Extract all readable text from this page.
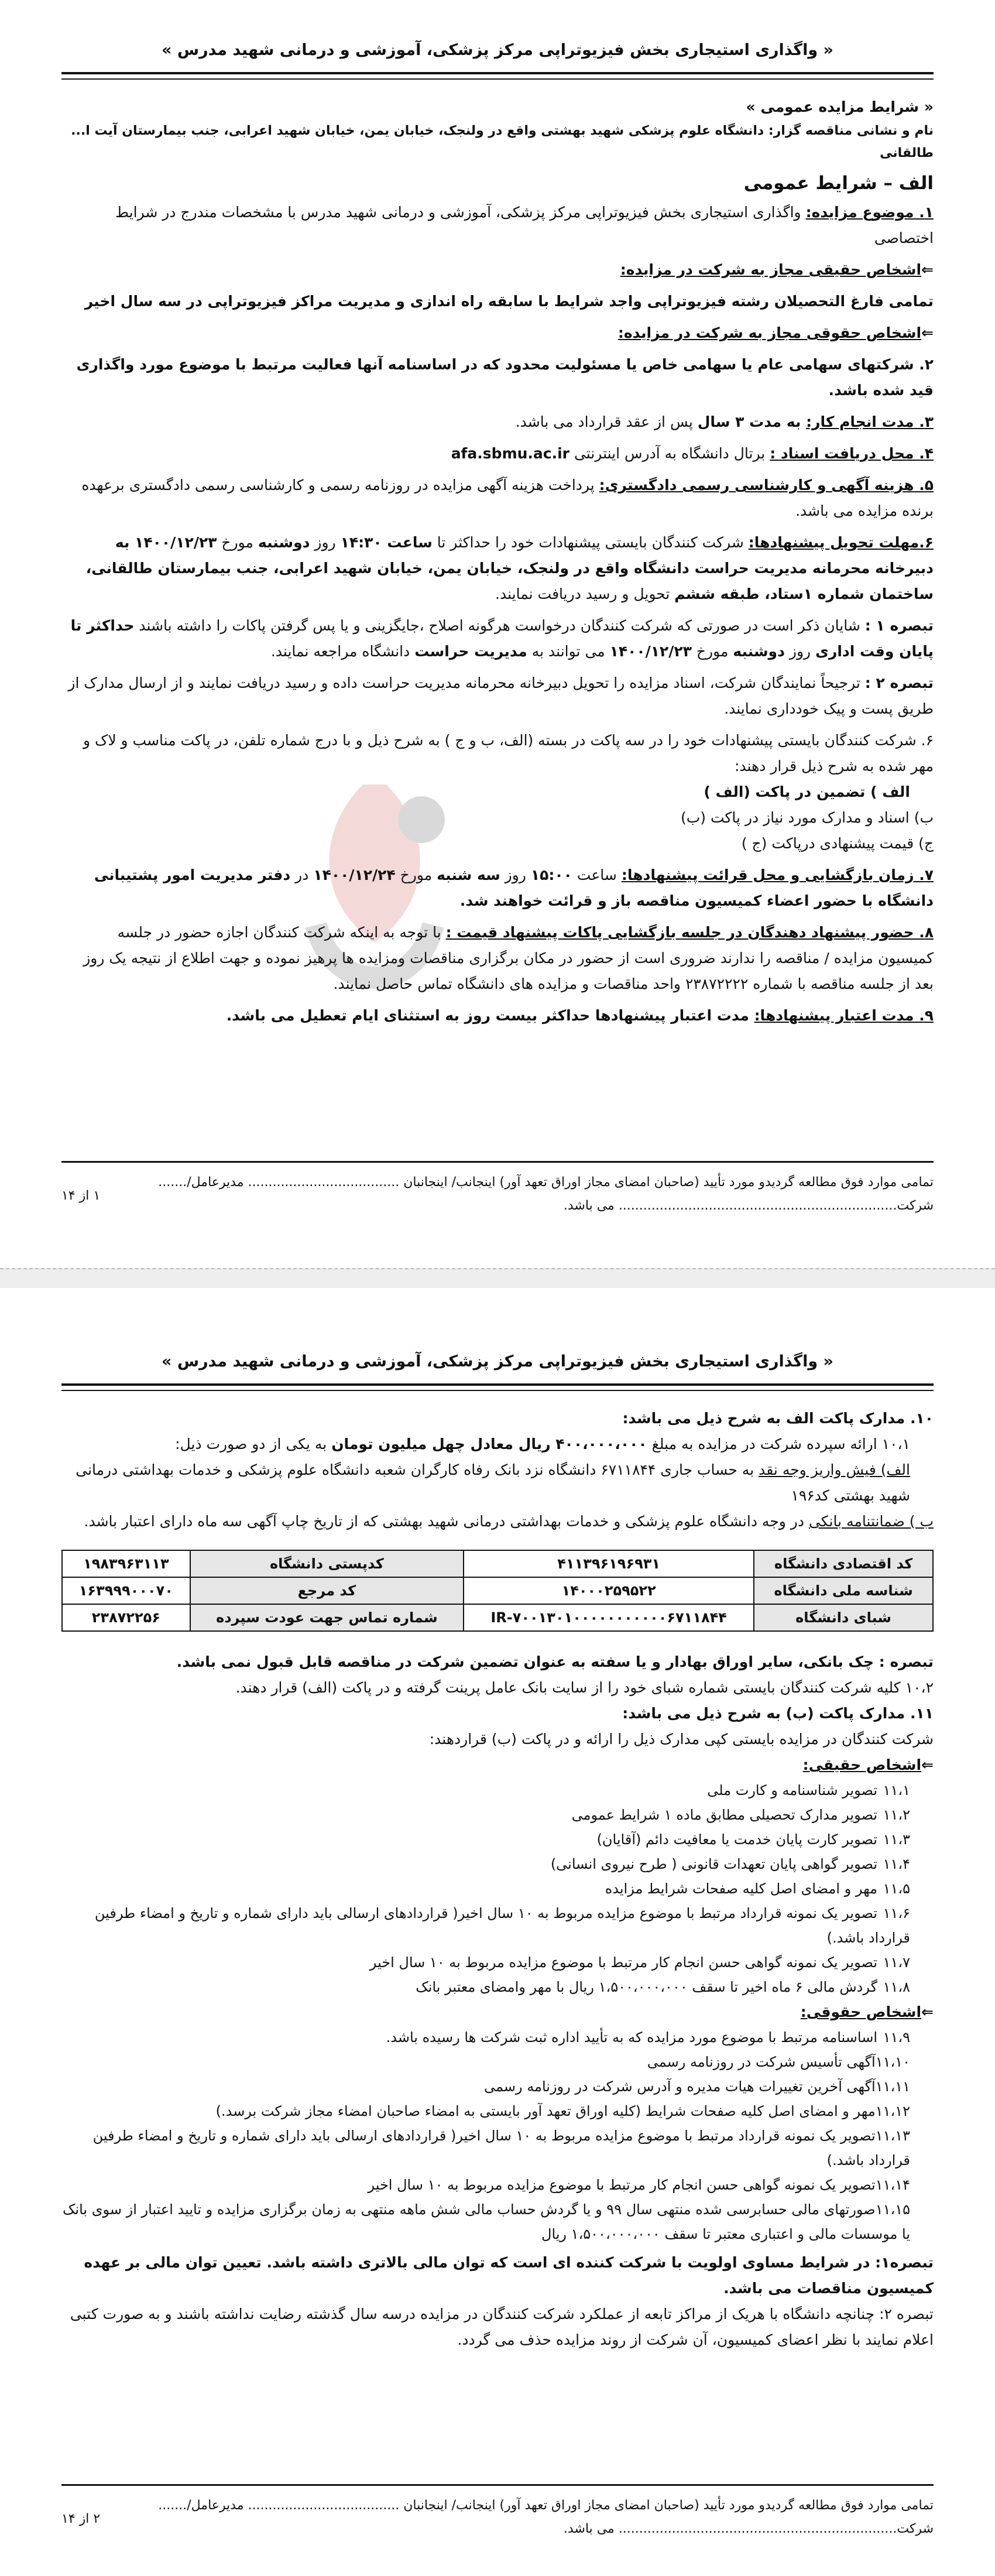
« واگذاری استیجاری بخش فیزیوتراپی مرکز پزشکی، آموزشی و درمانی شهید مدرس »
« شرایط مزایده عمومی »
نام و نشانی مناقصه گزار: دانشگاه علوم پزشکی شهید بهشتی واقع در ولنجک، خیابان یمن، خیابان شهید اعرابی، جنب بیمارستان آیت ا... طالقانی
الف – شرایط عمومی
۱. موضوع مزایده: واگذاری استیجاری بخش فیزیوتراپی مرکز پزشکی، آموزشی و درمانی شهید مدرس با مشخصات مندرج در شرایط اختصاصی
⇐اشخاص حقیقی مجاز به شرکت در مزایده:
تمامی فارغ التحصیلان رشته فیزیوتراپی واجد شرایط با سابقه راه اندازی و مدیریت مراکز فیزیوتراپی در سه سال اخیر
⇐اشخاص حقوقی مجاز به شرکت در مزایده:
۲. شرکتهای سهامی عام یا سهامی خاص یا مسئولیت محدود که در اساسنامه آنها فعالیت مرتبط با موضوع مورد واگذاری قید شده باشد.
۳. مدت انجام کار: به مدت ۳ سال پس از عقد قرارداد می باشد.
۴. محل دریافت اسناد : برتال دانشگاه به آدرس اینترنتی afa.sbmu.ac.ir
۵. هزینه آگهی و کارشناسی رسمی دادگستری: پرداخت هزینه آگهی مزایده در روزنامه رسمی و کارشناسی رسمی دادگستری برعهده برنده مزایده می باشد.
۶.مهلت تحویل پیشنهادها: شرکت کنندگان بایستی پیشنهادات خود را حداکثر تا ساعت ۱۴:۳۰ روز دوشنبه مورخ ۱۴۰۰/۱۲/۲۳ به دبیرخانه محرمانه مدیریت حراست دانشگاه واقع در ولنجک، خیابان یمن، خیابان شهید اعرابی، جنب بیمارستان طالقانی، ساختمان شماره ۱ستاد، طبقه ششم تحویل و رسید دریافت نمایند.
تبصره ۱ : شایان ذکر است در صورتی که شرکت کنندگان درخواست هرگونه اصلاح ،جایگزینی و یا پس گرفتن پاکات را داشته باشند حداکثر تا پایان وقت اداری روز دوشنبه مورخ ۱۴۰۰/۱۲/۲۳ می توانند به مدیریت حراست دانشگاه مراجعه نمایند.
تبصره ۲ : ترجیحاً نمایندگان شرکت، اسناد مزایده را تحویل دبیرخانه محرمانه مدیریت حراست داده و رسید دریافت نمایند و از ارسال مدارک از طریق پست و پیک خودداری نمایند.
۶. شرکت کنندگان بایستی پیشنهادات خود را در سه پاکت در بسته (الف، ب و ج ) به شرح ذیل و با درج شماره تلفن، در پاکت مناسب و لاک و مهر شده به شرح ذیل قرار دهند:
الف ) تضمین در پاکت (الف )
ب) اسناد و مدارک مورد نیاز در پاکت (ب)
ج) قیمت پیشنهادی درپاکت (ج )
۷. زمان بازگشایی و محل قرائت پیشنهادها: ساعت ۱۵:۰۰ روز سه شنبه مورخ ۱۴۰۰/۱۲/۲۴ در دفتر مدیریت امور پشتیبانی دانشگاه با حضور اعضاء کمیسیون مناقصه باز و قرائت خواهند شد.
۸. حضور پیشنهاد دهندگان در جلسه بازگشایی پاکات پیشنهاد قیمت : با توجه به اینکه شرکت کنندگان اجازه حضور در جلسه کمیسیون مزایده / مناقصه را ندارند ضروری است از حضور در مکان برگزاری مناقصات ومزایده ها پرهیز نموده و جهت اطلاع از نتیجه یک روز بعد از جلسه مناقصه با شماره ۲۳۸۷۲۲۲۲ واحد مناقصات و مزایده های دانشگاه تماس حاصل نمایند.
۹. مدت اعتبار پیشنهادها: مدت اعتبار پیشنهادها حداکثر بیست روز به استثنای ایام تعطیل می باشد.
تمامی موارد فوق مطالعه گردیدو مورد تأیید (صاحبان امضای مجاز اوراق تعهد آور) اینجانب/ اینجانبان ..................................... مدیرعامل/.......
شرکت.................................................................... می باشد.
۱ از ۱۴
« واگذاری استیجاری بخش فیزیوتراپی مرکز پزشکی، آموزشی و درمانی شهید مدرس »
۱۰. مدارک پاکت الف به شرح ذیل می باشد:
۱۰،۱ ارائه سپرده شرکت در مزایده به مبلغ ۴۰۰،۰۰۰،۰۰۰ ریال معادل چهل میلیون تومان به یکی از دو صورت ذیل:
الف) فیش واریز وجه نقد به حساب جاری ۶۷۱۱۸۴۴ دانشگاه نزد بانک رفاه کارگران شعبه دانشگاه علوم پزشکی و خدمات بهداشتی درمانی شهید بهشتی کد۱۹۶
ب ) ضمانتنامه بانکی در وجه دانشگاه علوم پزشکی و خدمات بهداشتی درمانی شهید بهشتی که از تاریخ چاپ آگهی سه ماه دارای اعتبار باشد.
کد اقتصادی دانشگاه	۴۱۱۳۹۶۱۹۶۹۳۱	کدپستی دانشگاه	۱۹۸۳۹۶۳۱۱۳
شناسه ملی دانشگاه	۱۴۰۰۰۲۵۹۵۲۲	کد مرجع	۱۶۳۹۹۹۰۰۰۷۰
شبای دانشگاه	IR-۷۰۰۱۳۰۱۰۰۰۰۰۰۰۰۰۰۰۶۷۱۱۸۴۴	شماره تماس جهت عودت سپرده	۲۳۸۷۲۲۵۶
تبصره : چک بانکی، سایر اوراق بهادار و یا سفته به عنوان تضمین شرکت در مناقصه قابل قبول نمی باشد.
۱۰،۲ کلیه شرکت کنندگان بایستی شماره شبای خود را از سایت بانک عامل پرینت گرفته و در پاکت (الف) قرار دهند.
۱۱. مدارک پاکت (ب) به شرح ذیل می باشد:
شرکت کنندگان در مزایده بایستی کپی مدارک ذیل را ارائه و در پاکت (ب) قراردهند:
⇐اشخاص حقیقی:
۱۱،۱تصویر شناسنامه و کارت ملی
۱۱،۲تصویر مدارک تحصیلی مطابق ماده ۱ شرایط عمومی
۱۱،۳تصویر کارت پایان خدمت یا معافیت دائم (آقایان)
۱۱،۴تصویر گواهی پایان تعهدات قانونی ( طرح نیروی انسانی)
۱۱،۵مهر و امضای اصل کلیه صفحات شرایط مزایده
۱۱،۶تصویر یک نمونه قرارداد مرتبط با موضوع مزایده مربوط به ۱۰ سال اخیر( قراردادهای ارسالی باید دارای شماره و تاریخ و امضاء طرفین قرارداد باشد.)
۱۱،۷تصویر یک نمونه گواهی حسن انجام کار مرتبط با موضوع مزایده مربوط به ۱۰ سال اخیر
۱۱،۸گردش مالی ۶ ماه اخیر تا سقف ۱،۵۰۰،۰۰۰،۰۰۰ ریال با مهر وامضای معتبر بانک
⇐اشخاص حقوقی:
۱۱،۹اساسنامه مرتبط با موضوع مورد مزایده که به تأیید اداره ثبت شرکت ها رسیده باشد.
۱۱،۱۰آگهی تأسیس شرکت در روزنامه رسمی
۱۱،۱۱آگهی آخرین تغییرات هیات مدیره و آدرس شرکت در روزنامه رسمی
۱۱،۱۲مهر و امضای اصل کلیه صفحات شرایط (کلیه اوراق تعهد آور بایستی به امضاء صاحبان امضاء مجاز شرکت برسد.)
۱۱،۱۳تصویر یک نمونه قرارداد مرتبط با موضوع مزایده مربوط به ۱۰ سال اخیر( قراردادهای ارسالی باید دارای شماره و تاریخ و امضاء طرفین قرارداد باشد.)
۱۱،۱۴تصویر یک نمونه گواهی حسن انجام کار مرتبط با موضوع مزایده مربوط به ۱۰ سال اخیر
۱۱،۱۵صورتهای مالی حسابرسی شده منتهی سال ۹۹ و یا گردش حساب مالی شش ماهه منتهی به زمان برگزاری مزایده و تایید اعتبار از سوی بانک یا موسسات مالی و اعتباری معتبر تا سقف ۱،۵۰۰،۰۰۰،۰۰۰ ریال
تبصره۱: در شرایط مساوی اولویت با شرکت کننده ای است که توان مالی بالاتری داشته باشد. تعیین توان مالی بر عهده کمیسیون مناقصات می باشد.
تبصره ۲: چنانچه دانشگاه با هریک از مراکز تابعه از عملکرد شرکت کنندگان در مزایده درسه سال گذشته رضایت نداشته باشند و به صورت کتبی اعلام نمایند با نظر اعضای کمیسیون، آن شرکت از روند مزایده حذف می گردد.
تمامی موارد فوق مطالعه گردیدو مورد تأیید (صاحبان امضای مجاز اوراق تعهد آور) اینجانب/ اینجانبان ..................................... مدیرعامل/.......
شرکت.................................................................... می باشد.
۲ از ۱۴
